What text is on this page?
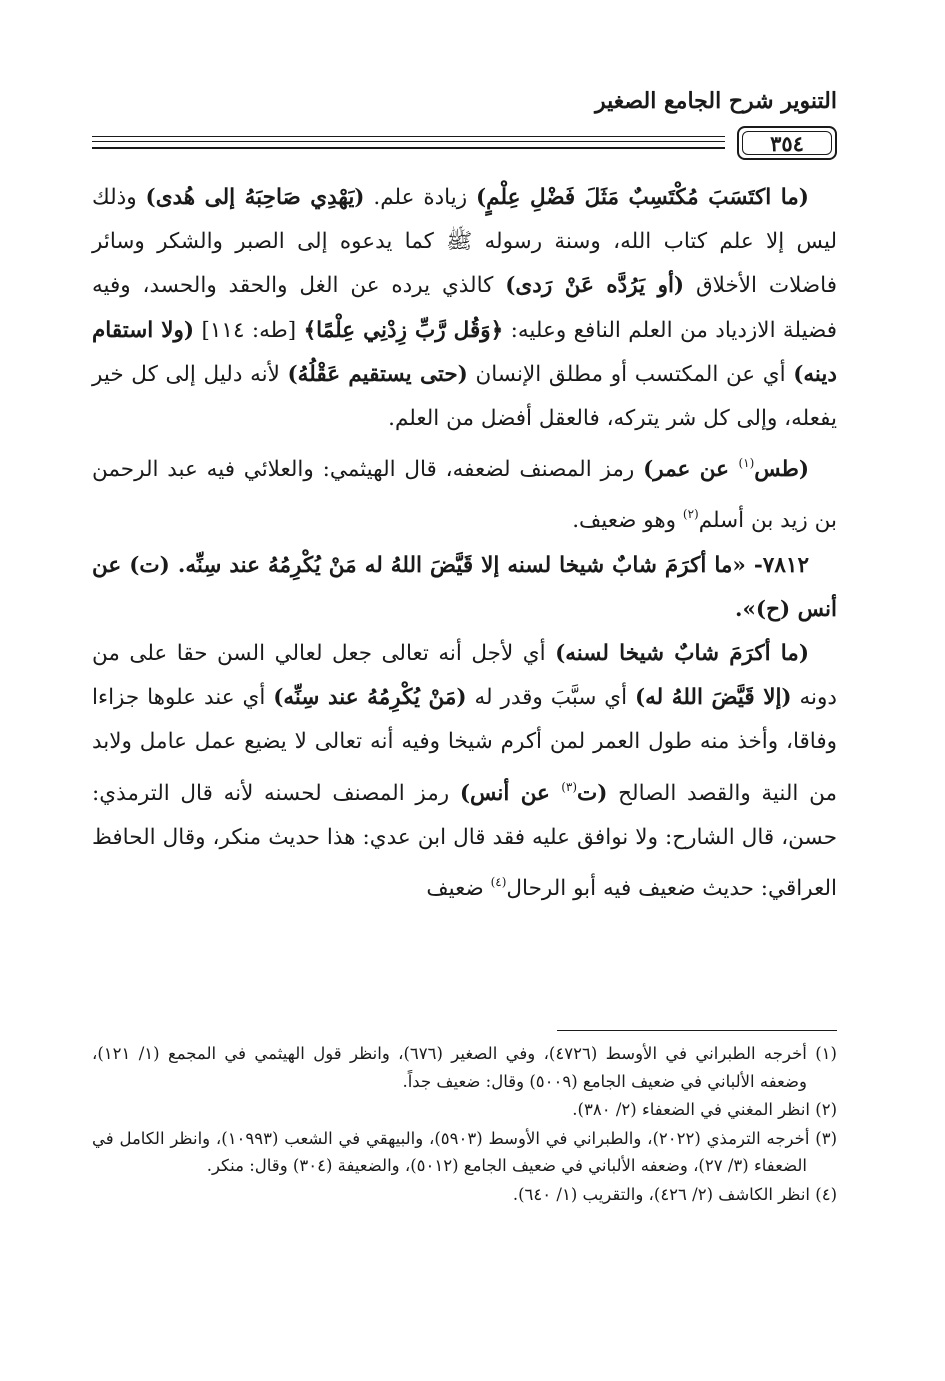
التنوير شرح الجامع الصغير
٣٥٤

(ما اكتَسَبَ مُكْتَسِبٌ مَثَلَ فَضْلِ عِلْمٍ) زيادة علم. (يَهْدِي صَاحِبَهُ إلى هُدى) وذلك ليس إلا علم كتاب الله، وسنة رسوله ﷺ كما يدعوه إلى الصبر والشكر وسائر فاضلات الأخلاق (أو يَرُدَّه عَنْ رَدى) كالذي يرده عن الغل والحقد والحسد، وفيه فضيلة الازدياد من العلم النافع وعليه: ﴿وَقُل رَّبِّ زِدْنِي عِلْمًا﴾ [طه: ١١٤] (ولا استقام دينه) أي عن المكتسب أو مطلق الإنسان (حتى يستقيم عَقْلُهُ) لأنه دليل إلى كل خير يفعله، وإلى كل شر يتركه، فالعقل أفضل من العلم.

(طس$^{(١)}$ عن عمر) رمز المصنف لضعفه، قال الهيثمي: والعلائي فيه عبد الرحمن بن زيد بن أسلم$^{(٢)}$ وهو ضعيف.

٧٨١٢- «ما أكرَمَ شابٌ شيخا لسنه إلا قَيَّضَ اللهُ له مَنْ يُكْرِمُهُ عند سِنِّه. (ت) عن أنس (ح)».

(ما أكرَمَ شابٌ شيخا لسنه) أي لأجل أنه تعالى جعل لعالي السن حقا على من دونه (إلا قَيَّضَ اللهُ له) أي سبَّبَ وقدر له (مَنْ يُكْرِمُهُ عند سِنِّه) أي عند علوها جزاءا وفاقا، وأخذ منه طول العمر لمن أكرم شيخا وفيه أنه تعالى لا يضيع عمل عامل ولابد من النية والقصد الصالح (ت$^{(٣)}$ عن أنس) رمز المصنف لحسنه لأنه قال الترمذي: حسن، قال الشارح: ولا نوافق عليه فقد قال ابن عدي: هذا حديث منكر، وقال الحافظ العراقي: حديث ضعيف فيه أبو الرحال$^{(٤)}$ ضعيف

(١) أخرجه الطبراني في الأوسط (٤٧٢٦)، وفي الصغير (٦٧٦)، وانظر قول الهيثمي في المجمع (١/ ١٢١)، وضعفه الألباني في ضعيف الجامع (٥٠٠٩) وقال: ضعيف جداً.

(٢) انظر المغني في الضعفاء (٢/ ٣٨٠).

(٣) أخرجه الترمذي (٢٠٢٢)، والطبراني في الأوسط (٥٩٠٣)، والبيهقي في الشعب (١٠٩٩٣)، وانظر الكامل في الضعفاء (٣/ ٢٧)، وضعفه الألباني في ضعيف الجامع (٥٠١٢)، والضعيفة (٣٠٤) وقال: منكر.

(٤) انظر الكاشف (٢/ ٤٢٦)، والتقريب (١/ ٦٤٠).
